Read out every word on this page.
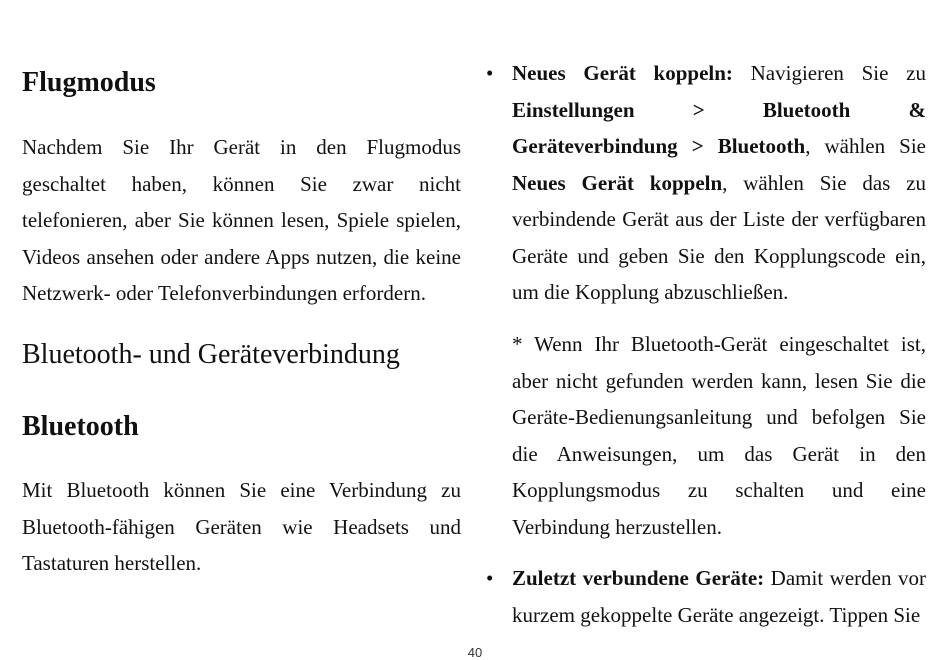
Flugmodus

Nachdem Sie Ihr Gerät in den Flugmodus geschaltet haben, können Sie zwar nicht telefonieren, aber Sie können lesen, Spiele spielen, Videos ansehen oder andere Apps nutzen, die keine Netzwerk- oder Telefonverbindungen erfordern.

Bluetooth- und Geräteverbindung
Bluetooth

Mit Bluetooth können Sie eine Verbindung zu Bluetooth-fähigen Geräten wie Headsets und Tastaturen herstellen.

• Neues Gerät koppeln: Navigieren Sie zu Einstellungen > Bluetooth & Geräteverbindung > Bluetooth, wählen Sie Neues Gerät koppeln, wählen Sie das zu verbindende Gerät aus der Liste der verfügbaren Geräte und geben Sie den Kopplungscode ein, um die Kopplung abzuschließen.

* Wenn Ihr Bluetooth-Gerät eingeschaltet ist, aber nicht gefunden werden kann, lesen Sie die Geräte-Bedienungsanleitung und befolgen Sie die Anweisungen, um das Gerät in den Kopplungsmodus zu schalten und eine Verbindung herzustellen.

• Zuletzt verbundene Geräte: Damit werden vor kurzem gekoppelte Geräte angezeigt. Tippen Sie
40
